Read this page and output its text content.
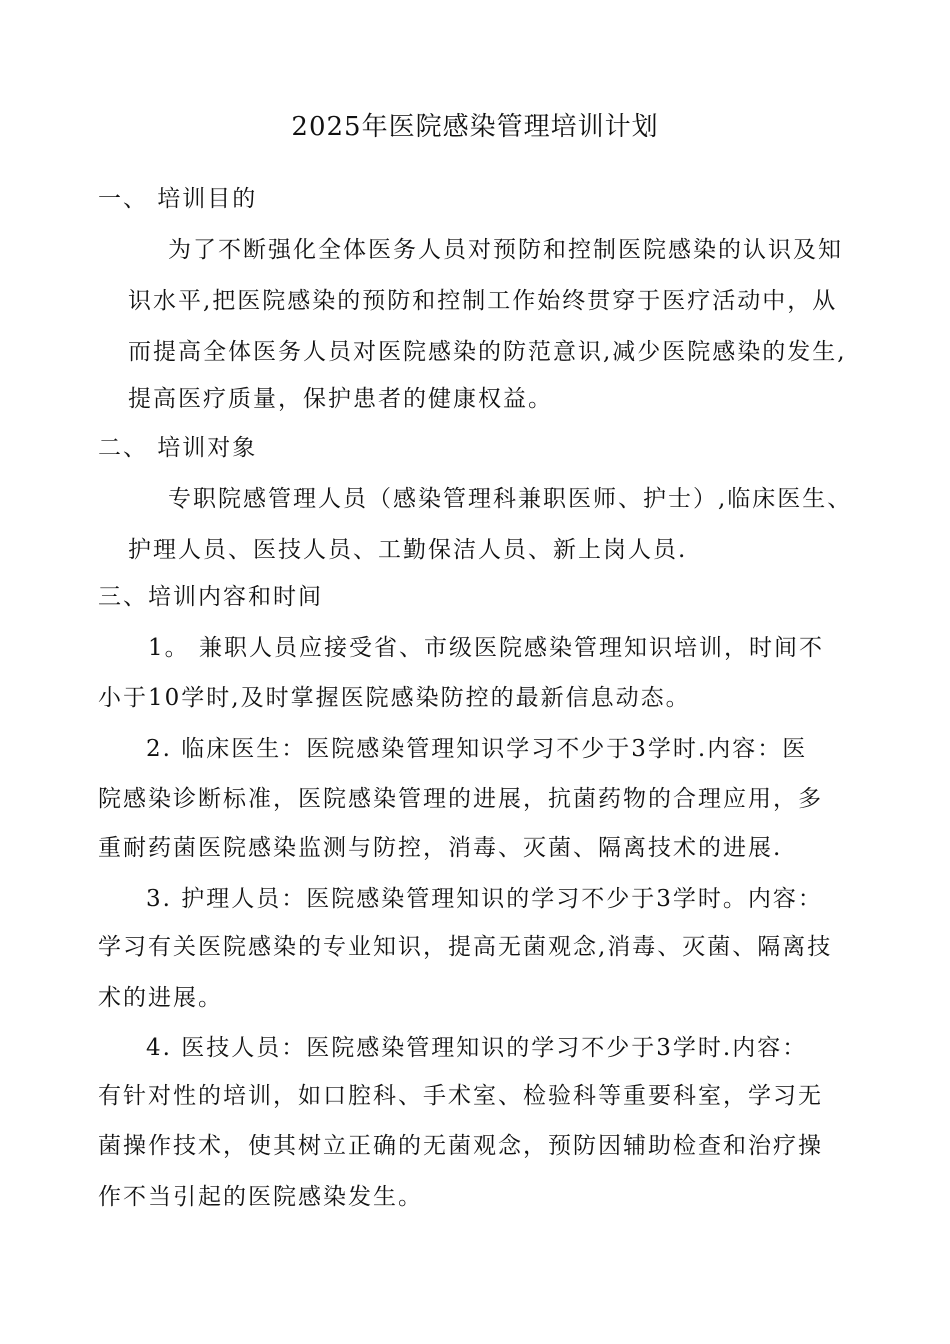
2025年医院感染管理培训计划
一、 培训目的
为了不断强化全体医务人员对预防和控制医院感染的认识及知
识水平,把医院感染的预防和控制工作始终贯穿于医疗活动中，从
而提高全体医务人员对医院感染的防范意识,减少医院感染的发生,
提高医疗质量，保护患者的健康权益。
二、 培训对象
专职院感管理人员（感染管理科兼职医师、护士）,临床医生、
护理人员、医技人员、工勤保洁人员、新上岗人员.
三、培训内容和时间
1。 兼职人员应接受省、市级医院感染管理知识培训，时间不
小于10学时,及时掌握医院感染防控的最新信息动态。
2. 临床医生：医院感染管理知识学习不少于3学时.内容：医
院感染诊断标准，医院感染管理的进展，抗菌药物的合理应用，多
重耐药菌医院感染监测与防控，消毒、灭菌、隔离技术的进展.
3. 护理人员：医院感染管理知识的学习不少于3学时。内容：
学习有关医院感染的专业知识，提高无菌观念,消毒、灭菌、隔离技
术的进展。
4. 医技人员：医院感染管理知识的学习不少于3学时.内容：
有针对性的培训，如口腔科、手术室、检验科等重要科室，学习无
菌操作技术，使其树立正确的无菌观念，预防因辅助检查和治疗操
作不当引起的医院感染发生。
